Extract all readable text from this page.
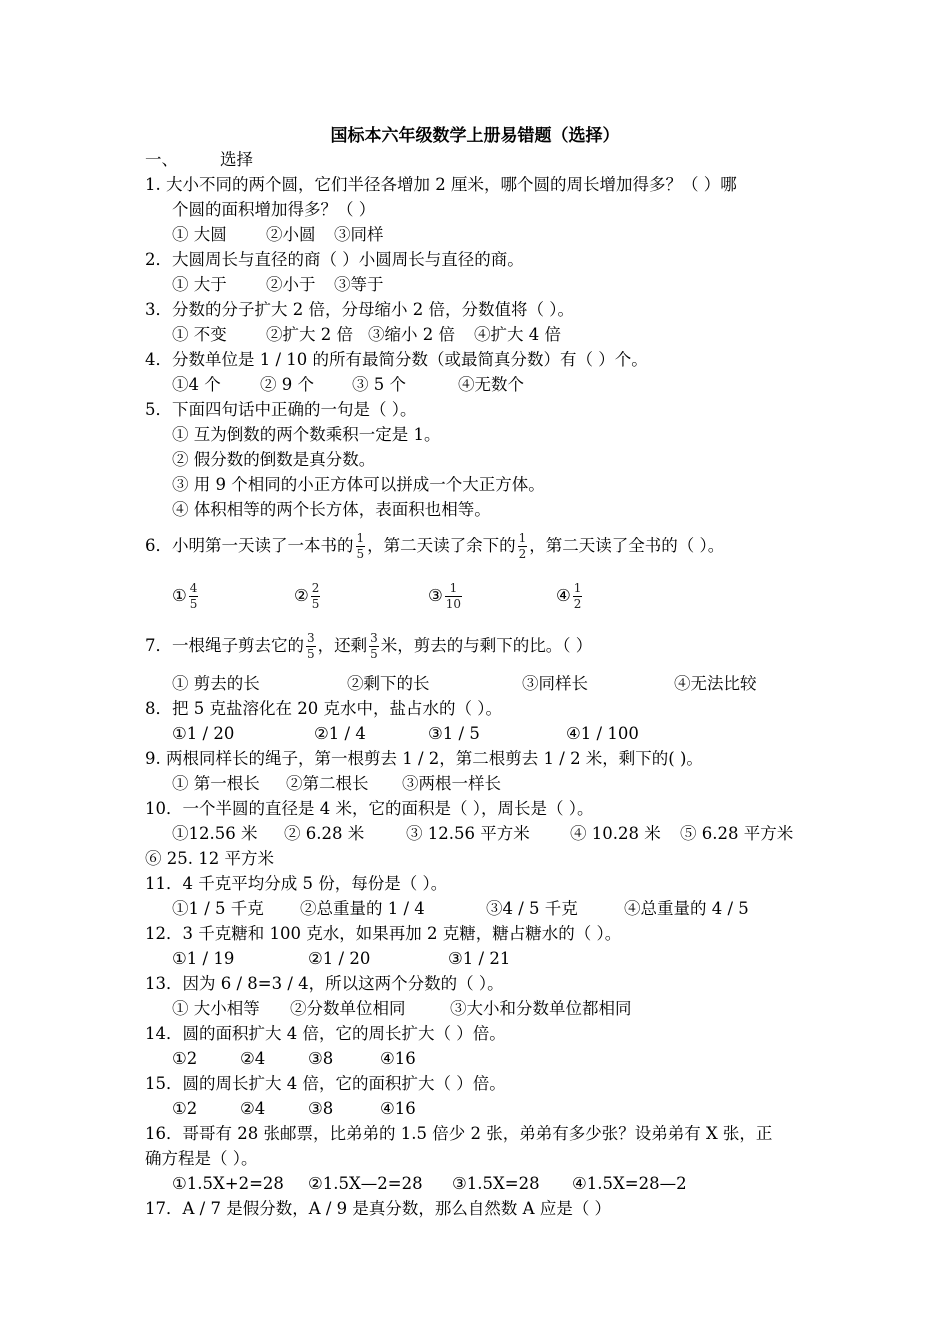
国标本六年级数学上册易错题（选择）
一、	选择
1. 大小不同的两个圆，它们半径各增加 2 厘米，哪个圆的周长增加得多？（ ）哪
个圆的面积增加得多？（ ）
① 大圆 ②小圆 ③同样
2．大圆周长与直径的商（ ）小圆周长与直径的商。
① 大于 ②小于 ③等于
3．分数的分子扩大 2 倍，分母缩小 2 倍，分数值将（ ）。
① 不变 ②扩大 2 倍 ③缩小 2 倍 ④扩大 4 倍
4．分数单位是 1 / 10 的所有最简分数（或最简真分数）有（ ）个。
①4 个 ② 9 个 ③ 5 个	④无数个
5．下面四句话中正确的一句是（ ）。
① 互为倒数的两个数乘积一定是 1。
② 假分数的倒数是真分数。
③ 用 9 个相同的小正方体可以拼成一个大正方体。
④ 体积相等的两个长方体，表面积也相等。
6．小明第一天读了一本书的 $\frac{1}{5}$ ，第二天读了余下的 $\frac{1}{2}$ ，第二天读了全书的（ ）。
① $\frac{4}{5}$	② $\frac{2}{5}$	③ $\frac{1}{10}$	④ $\frac{1}{2}$
7．一根绳子剪去它的 $\frac{3}{5}$ ，还剩 $\frac{3}{5}$ 米，剪去的与剩下的比。（ ）
① 剪去的长	②剩下的长	③同样长	④无法比较
8．把 5 克盐溶化在 20 克水中，盐占水的（ ）。
①1 / 20	②1 / 4	③1 / 5	④1 / 100
9. 两根同样长的绳子，第一根剪去 1 / 2，第二根剪去 1 / 2 米，剩下的( )。
① 第一根长 ②第二根长 ③两根一样长
10．一个半圆的直径是 4 米，它的面积是（ ），周长是（ ）。
①12.56 米 ② 6.28 米	③ 12.56 平方米 ④ 10.28 米 ⑤ 6.28 平方米
⑥ 25. 12 平方米
11．4 千克平均分成 5 份，每份是（ ）。
①1 / 5 千克 ②总重量的 1 / 4	③4 / 5 千克	④总重量的 4 / 5
12．3 千克糖和 100 克水，如果再加 2 克糖，糖占糖水的（ ）。
①1 / 19	②1 / 20	③1 / 21
13．因为 6 / 8=3 / 4，所以这两个分数的（ ）。
① 大小相等 ②分数单位相同	③大小和分数单位都相同
14．圆的面积扩大 4 倍，它的周长扩大（ ）倍。
①2	②4	③8	④16
15．圆的周长扩大 4 倍，它的面积扩大（ ）倍。
①2	②4	③8	④16
16．哥哥有 28 张邮票，比弟弟的 1.5 倍少 2 张，弟弟有多少张？设弟弟有 X 张，正
确方程是（ ）。
①1.5X+2=28 ②1.5X—2=28 ③1.5X=28 ④1.5X=28—2
17．A / 7 是假分数，A / 9 是真分数，那么自然数 A 应是（ ）
